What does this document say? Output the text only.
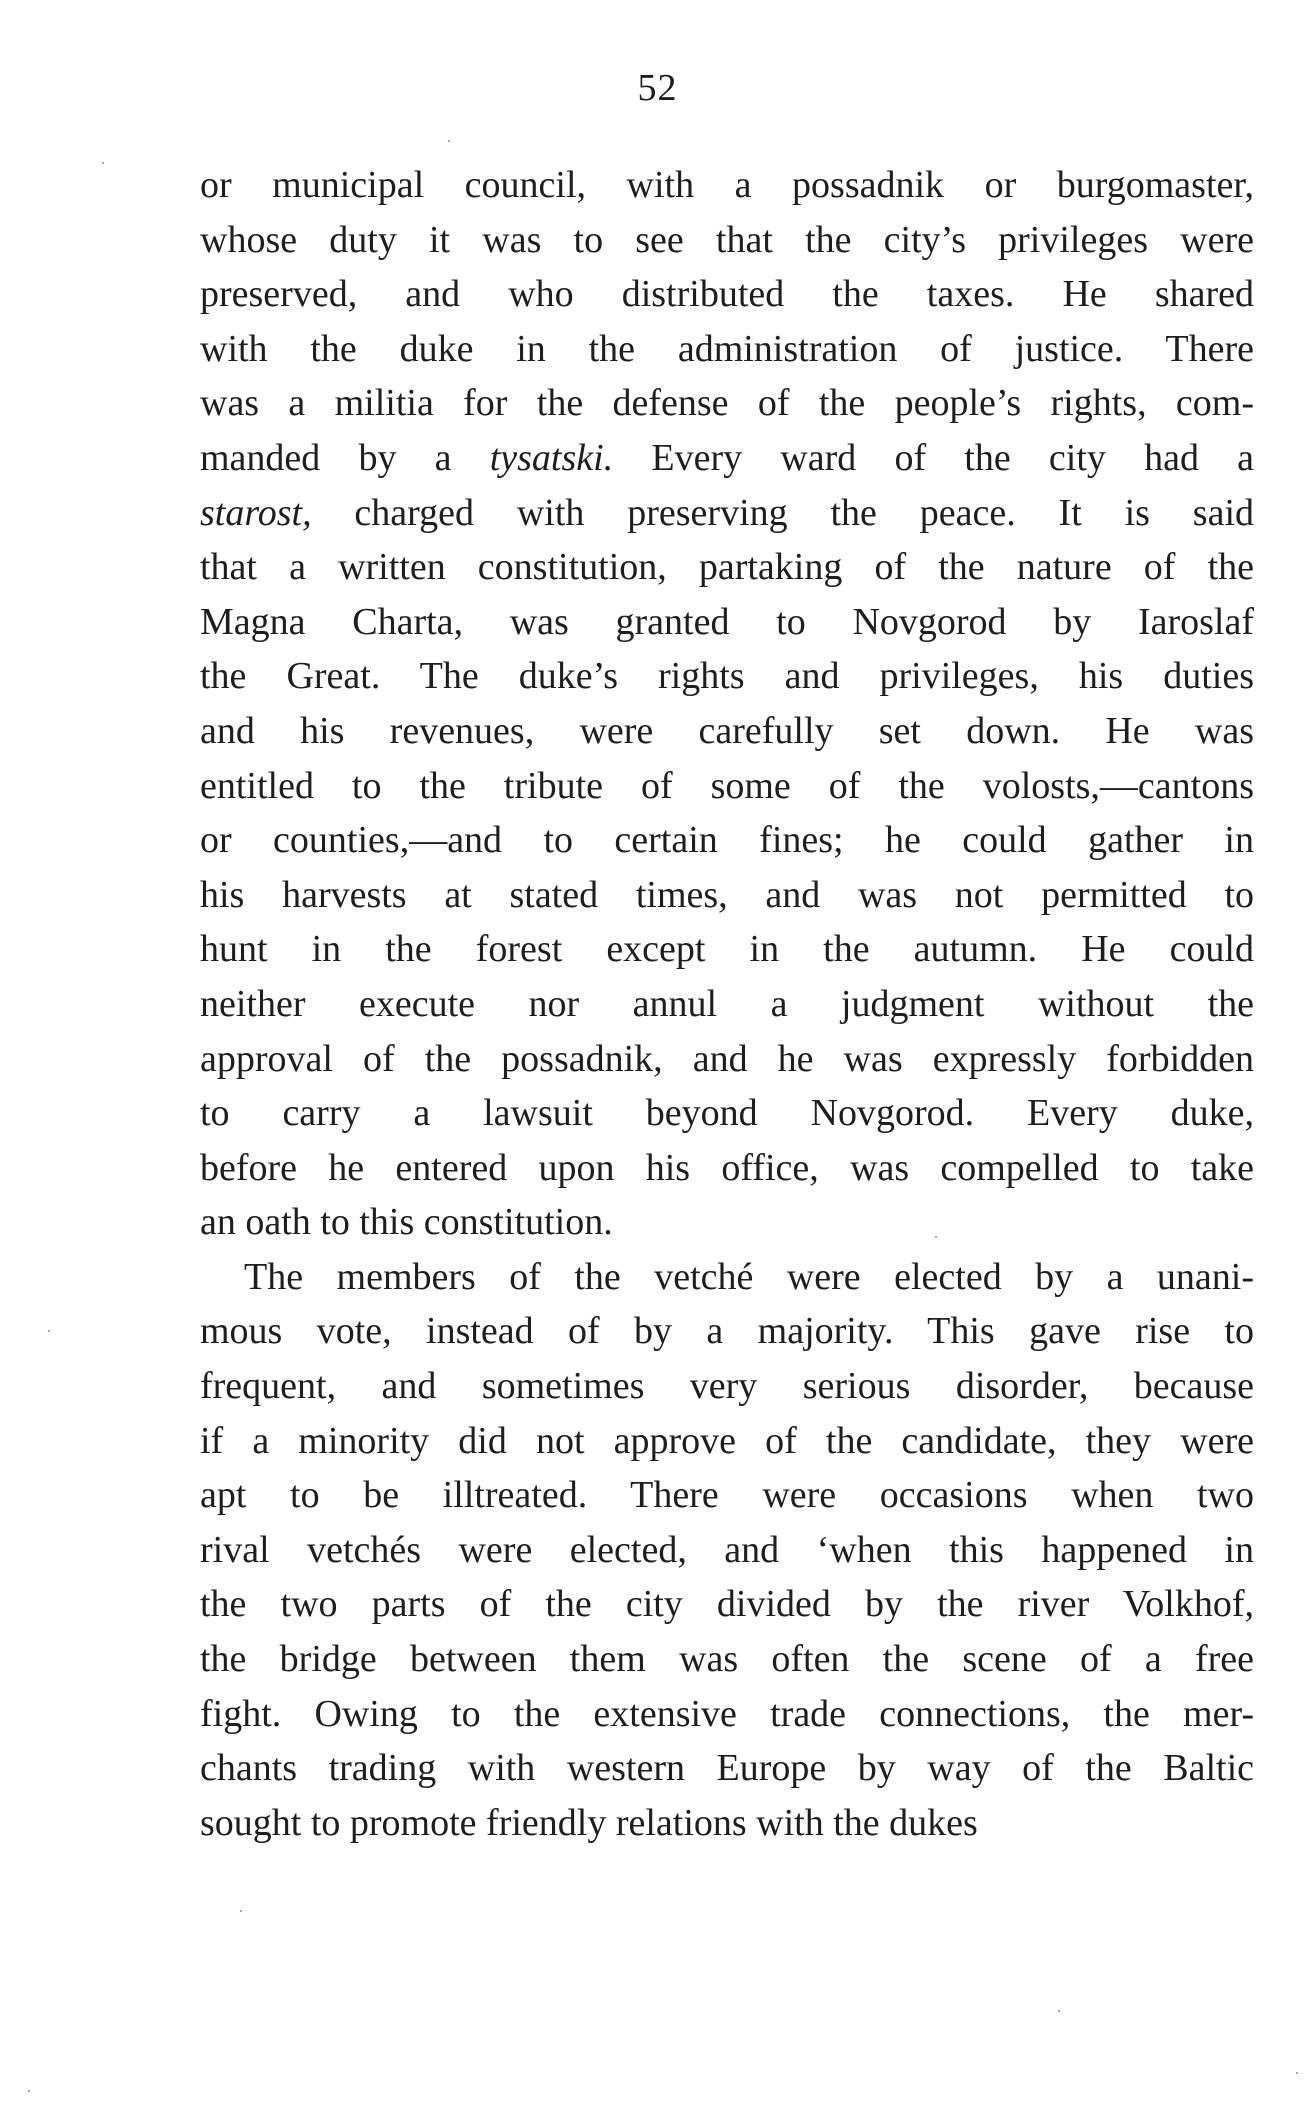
52
or municipal council, with a possadnik or burgomaster,
whose duty it was to see that the city’s privileges were
preserved, and who distributed the taxes. He shared
with the duke in the administration of justice. There
was a militia for the defense of the people’s rights, com-
manded by a tysatski. Every ward of the city had a
starost, charged with preserving the peace. It is said
that a written constitution, partaking of the nature of the
Magna Charta, was granted to Novgorod by Iaroslaf
the Great. The duke’s rights and privileges, his duties
and his revenues, were carefully set down. He was
entitled to the tribute of some of the volosts,—cantons
or counties,—and to certain fines; he could gather in
his harvests at stated times, and was not permitted to
hunt in the forest except in the autumn. He could
neither execute nor annul a judgment without the
approval of the possadnik, and he was expressly forbidden
to carry a lawsuit beyond Novgorod. Every duke,
before he entered upon his office, was compelled to take
an oath to this constitution.
The members of the vetché were elected by a unani-
mous vote, instead of by a majority. This gave rise to
frequent, and sometimes very serious disorder, because
if a minority did not approve of the candidate, they were
apt to be illtreated. There were occasions when two
rival vetchés were elected, and ʻwhen this happened in
the two parts of the city divided by the river Volkhof,
the bridge between them was often the scene of a free
fight. Owing to the extensive trade connections, the mer-
chants trading with western Europe by way of the Baltic
sought to promote friendly relations with the dukes
